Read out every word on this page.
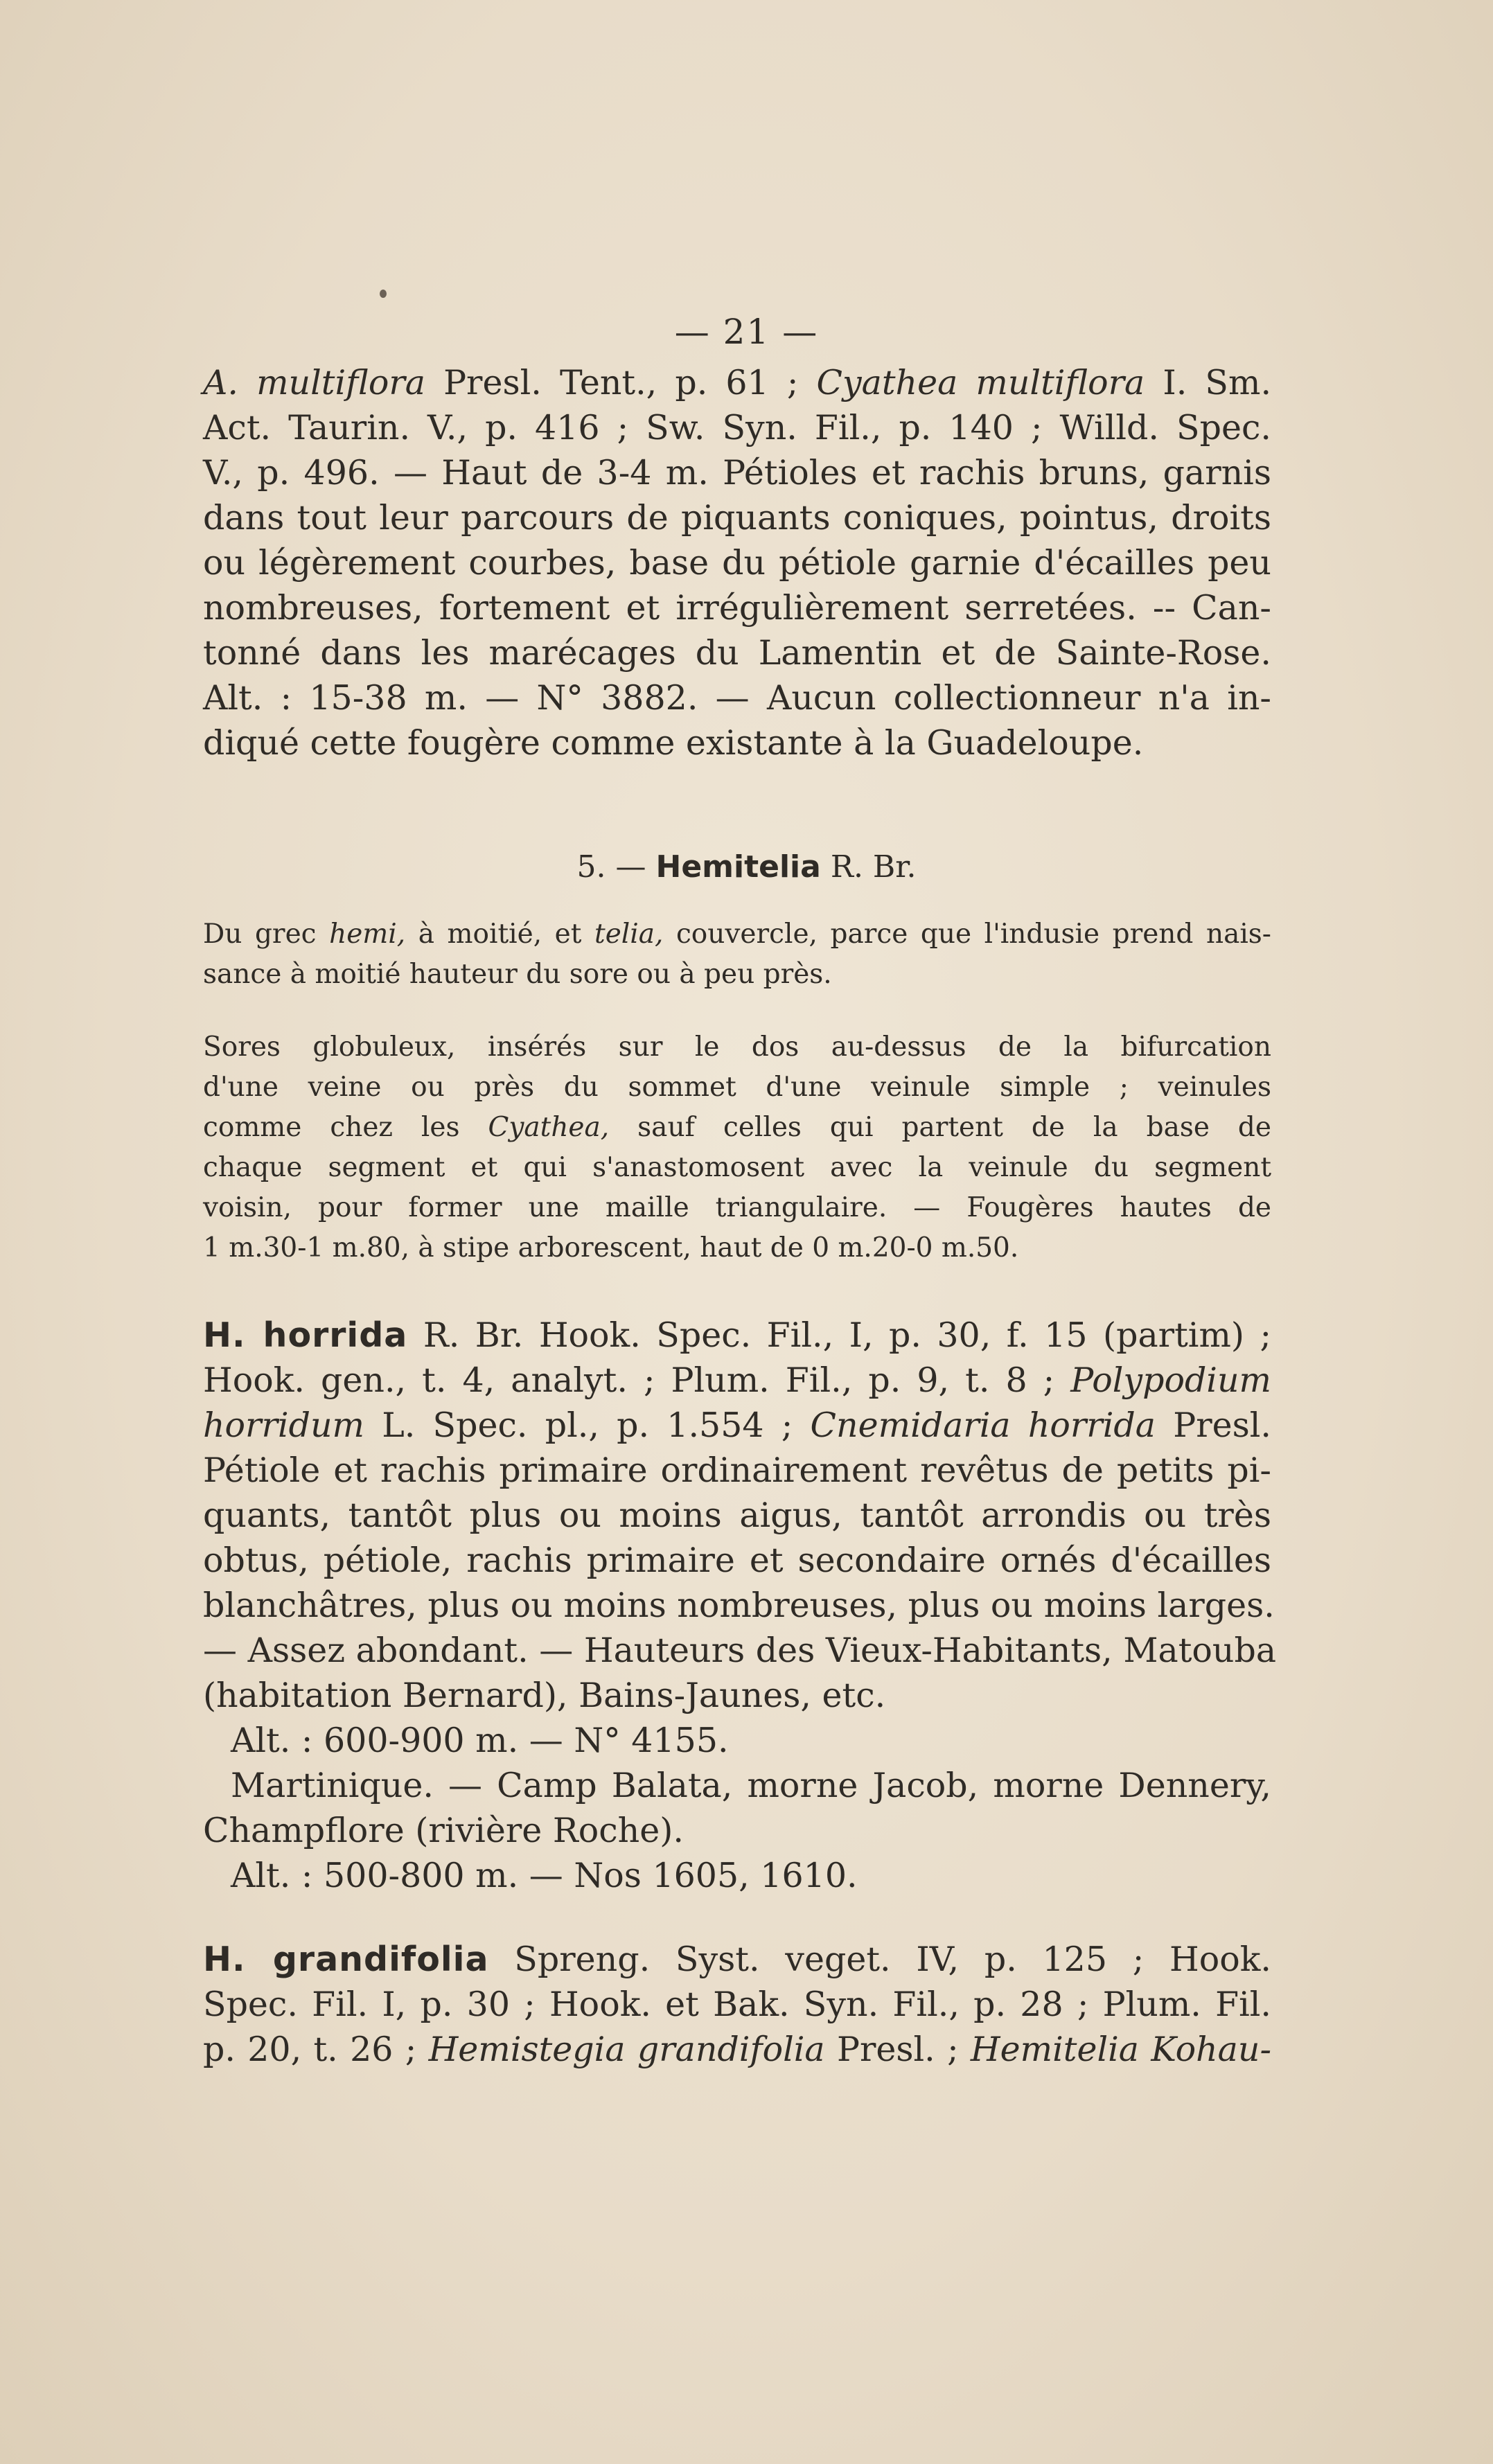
— 21 —
A. multiflora Presl. Tent., p. 61 ; Cyathea multiflora I. Sm.
Act. Taurin. V., p. 416 ; Sw. Syn. Fil., p. 140 ; Willd. Spec.
V., p. 496. — Haut de 3-4 m. Pétioles et rachis bruns, garnis
dans tout leur parcours de piquants coniques, pointus, droits
ou légèrement courbes, base du pétiole garnie d'écailles peu
nombreuses, fortement et irrégulièrement serretées. -- Can-
tonné dans les marécages du Lamentin et de Sainte-Rose.
Alt. : 15-38 m. — N° 3882. — Aucun collectionneur n'a in-
diqué cette fougère comme existante à la Guadeloupe.
5. — Hemitelia R. Br.
Du grec hemi, à moitié, et telia, couvercle, parce que l'indusie prend nais-
sance à moitié hauteur du sore ou à peu près.
Sores globuleux, insérés sur le dos au-dessus de la bifurcation
d'une veine ou près du sommet d'une veinule simple ; veinules
comme chez les Cyathea, sauf celles qui partent de la base de
chaque segment et qui s'anastomosent avec la veinule du segment
voisin, pour former une maille triangulaire. — Fougères hautes de
1 m.30-1 m.80, à stipe arborescent, haut de 0 m.20-0 m.50.
H. horrida R. Br. Hook. Spec. Fil., I, p. 30, f. 15 (partim) ;
Hook. gen., t. 4, analyt. ; Plum. Fil., p. 9, t. 8 ; Polypodium
horridum L. Spec. pl., p. 1.554 ; Cnemidaria horrida Presl.
Pétiole et rachis primaire ordinairement revêtus de petits pi-
quants, tantôt plus ou moins aigus, tantôt arrondis ou très
obtus, pétiole, rachis primaire et secondaire ornés d'écailles
blanchâtres, plus ou moins nombreuses, plus ou moins larges.
— Assez abondant. — Hauteurs des Vieux-Habitants, Matouba
(habitation Bernard), Bains-Jaunes, etc.
Alt. : 600-900 m. — N° 4155.
Martinique. — Camp Balata, morne Jacob, morne Dennery,
Champflore (rivière Roche).
Alt. : 500-800 m. — Nos 1605, 1610.
H. grandifolia Spreng. Syst. veget. IV, p. 125 ; Hook.
Spec. Fil. I, p. 30 ; Hook. et Bak. Syn. Fil., p. 28 ; Plum. Fil.
p. 20, t. 26 ; Hemistegia grandifolia Presl. ; Hemitelia Kohau-
